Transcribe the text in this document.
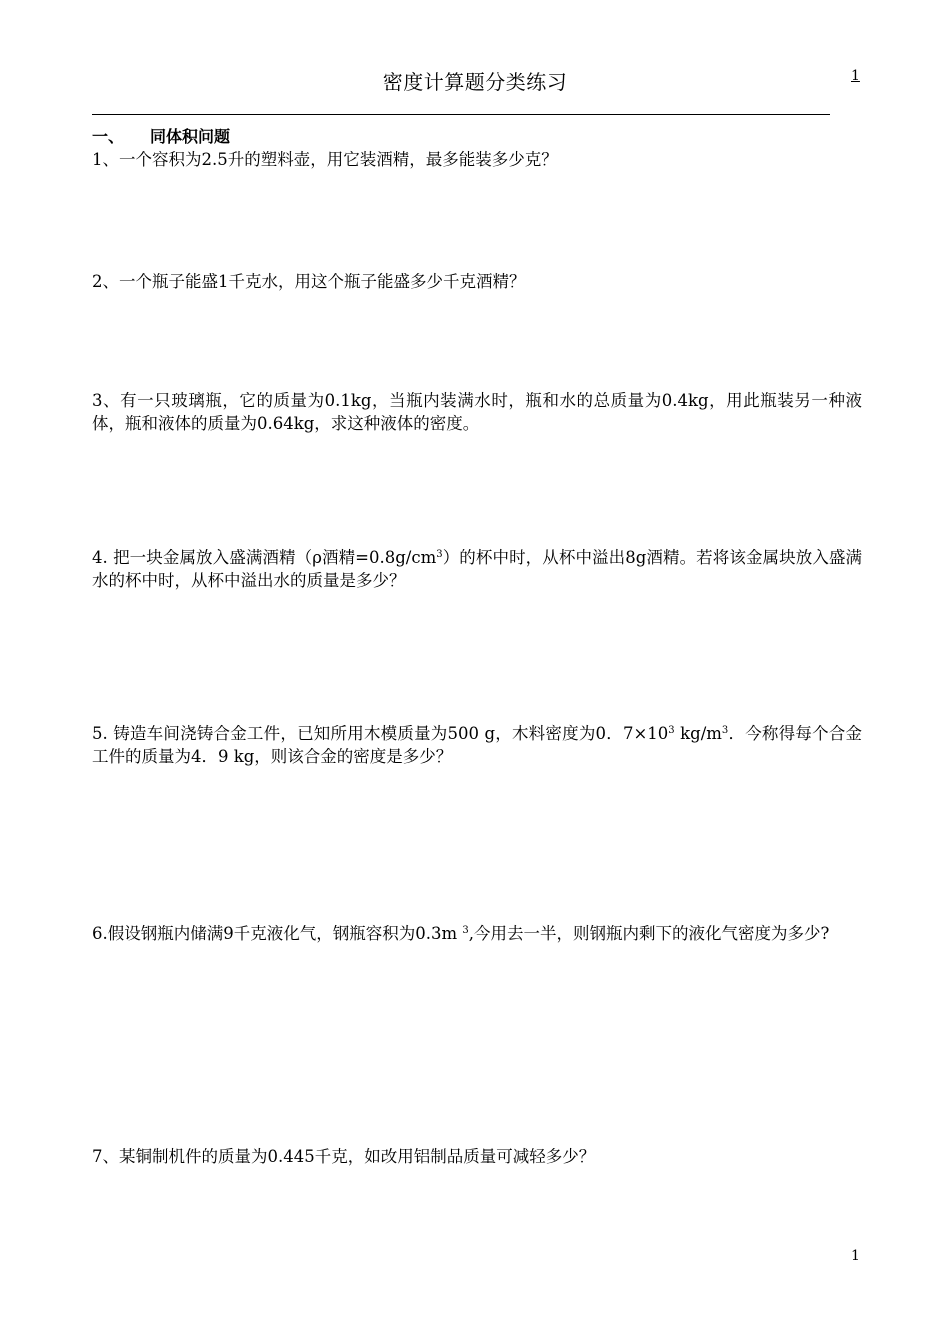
密度计算题分类练习	1
一、 同体积问题
1、一个容积为2.5升的塑料壶，用它装酒精，最多能装多少克？
2、一个瓶子能盛1千克水，用这个瓶子能盛多少千克酒精？
3、有一只玻璃瓶，它的质量为0.1kg，当瓶内装满水时，瓶和水的总质量为0.4kg，用此瓶装另一种液体，瓶和液体的质量为0.64kg，求这种液体的密度。
4. 把一块金属放入盛满酒精（ρ酒精$=0.8g/cm^3$）的杯中时，从杯中溢出8g酒精。若将该金属块放入盛满水的杯中时，从杯中溢出水的质量是多少？
5. 铸造车间浇铸合金工件，已知所用木模质量为500 g，木料密度为0．$7\times 10^3$ $kg/m^3$．今称得每个合金工件的质量为4．9 kg，则该合金的密度是多少？
6.假设钢瓶内储满9千克液化气，钢瓶容积为0.3m $^3$,今用去一半，则钢瓶内剩下的液化气密度为多少?
7、某铜制机件的质量为0.445千克，如改用铝制品质量可减轻多少？
1
